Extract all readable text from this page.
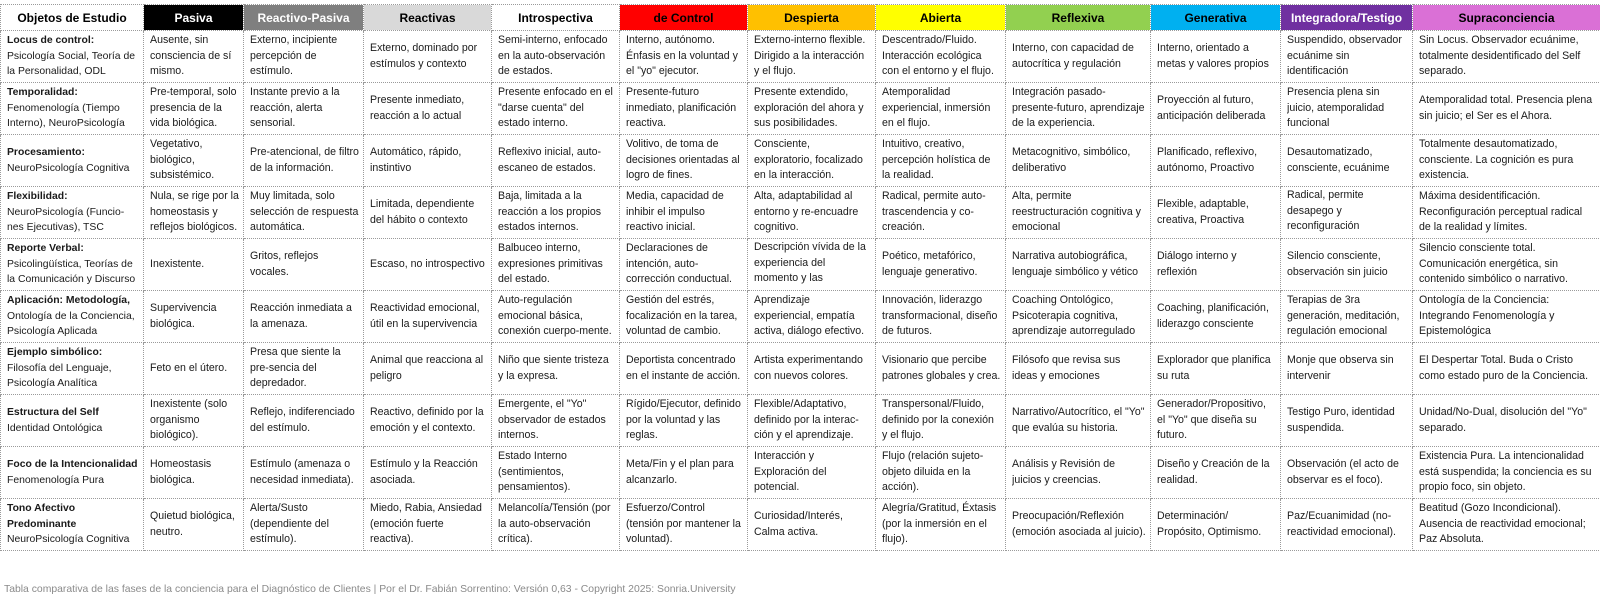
Objetos de Estudio	Pasiva	Reactivo-Pasiva	Reactivas	Introspectiva	de Control	Despierta	Abierta	Reflexiva	Generativa	Integradora/Testigo	Supraconciencia

Locus de control:
Psicología Social, Teoría de la Personalidad, ODL	Ausente, sin consciencia de sí mismo.	Externo, incipiente percepción de estímulo.	Externo, dominado por estímulos y contexto	Semi-interno, enfocado en la auto-observación de estados.	Interno, autónomo. Énfasis en la voluntad y el "yo" ejecutor.	Externo-interno flexible. Dirigido a la interacción y el flujo.	Descentrado/Fluido. Interacción ecológica con el entorno y el flujo.	Interno, con capacidad de autocrítica y regulación	Interno, orientado a metas y valores propios	Suspendido, observador ecuánime sin identificación	Sin Locus. Observador ecuánime, totalmente desidentificado del Self separado.

Temporalidad:
Fenomenología (Tiempo Interno), NeuroPsicología	Pre-temporal, solo presencia de la vida biológica.	Instante previo a la reacción, alerta sensorial.	Presente inmediato, reacción a lo actual	Presente enfocado en el "darse cuenta" del estado interno.	Presente-futuro inmediato, planificación reactiva.	Presente extendido, exploración del ahora y sus posibilidades.	Atemporalidad experiencial, inmersión en el flujo.	Integración pasado-presente-futuro, aprendizaje de la experiencia.	Proyección al futuro, anticipación deliberada	Presencia plena sin juicio, atemporalidad funcional	Atemporalidad total. Presencia plena sin juicio; el Ser es el Ahora.

Procesamiento:
NeuroPsicología Cognitiva	Vegetativo, biológico, subsistémico.	Pre-atencional, de filtro de la información.	Automático, rápido, instintivo	Reflexivo inicial, auto-escaneo de estados.	Volitivo, de toma de decisiones orientadas al logro de fines.	Consciente, exploratorio, focalizado en la interacción.	Intuitivo, creativo, percepción holística de la realidad.	Metacognitivo, simbólico, deliberativo	Planificado, reflexivo, autónomo, Proactivo	Desautomatizado, consciente, ecuánime	Totalmente desautomatizado, consciente. La cognición es pura existencia.

Flexibilidad:
NeuroPsicología (Funcio-nes Ejecutivas), TSC	Nula, se rige por la homeostasis y reflejos biológicos.	Muy limitada, solo selección de respuesta automática.	Limitada, dependiente del hábito o contexto	Baja, limitada a la reacción a los propios estados internos.	Media, capacidad de inhibir el impulso reactivo inicial.	Alta, adaptabilidad al entorno y re-encuadre cognitivo.	Radical, permite auto-trascendencia y co-creación.	Alta, permite reestructuración cognitiva y emocional	Flexible, adaptable, creativa, Proactiva	Radical, permite desapego y reconfiguración	Máxima desidentificación. Reconfiguración perceptual radical de la realidad y límites.

Reporte Verbal:
Psicolingüística, Teorías de la Comunicación y Discurso	Inexistente.	Gritos, reflejos vocales.	Escaso, no introspectivo	Balbuceo interno, expresiones primitivas del estado.	Declaraciones de intención, auto-corrección conductual.	Descripción vívida de la experiencia del momento y las	Poético, metafórico, lenguaje generativo.	Narrativa autobiográfica, lenguaje simbólico y vético	Diálogo interno y reflexión	Silencio consciente, observación sin juicio	Silencio consciente total. Comunicación energética, sin contenido simbólico o narrativo.

Aplicación: Metodología,
Ontología de la Conciencia, Psicología Aplicada	Supervivencia biológica.	Reacción inmediata a la amenaza.	Reactividad emocional, útil en la supervivencia	Auto-regulación emocional básica, conexión cuerpo-mente.	Gestión del estrés, focalización en la tarea, voluntad de cambio.	Aprendizaje experiencial, empatía activa, diálogo efectivo.	Innovación, liderazgo transformacional, diseño de futuros.	Coaching Ontológico, Psicoterapia cognitiva, aprendizaje autorregulado	Coaching, planificación, liderazgo consciente	Terapias de 3ra generación, meditación, regulación emocional	Ontología de la Conciencia: Integrando Fenomenología y Epistemológica

Ejemplo simbólico:
Filosofía del Lenguaje, Psicología Analítica	Feto en el útero.	Presa que siente la pre-sencia del depredador.	Animal que reacciona al peligro	Niño que siente tristeza y la expresa.	Deportista concentrado en el instante de acción.	Artista experimentando con nuevos colores.	Visionario que percibe patrones globales y crea.	Filósofo que revisa sus ideas y emociones	Explorador que planifica su ruta	Monje que observa sin intervenir	El Despertar Total. Buda o Cristo como estado puro de la Conciencia.

Estructura del Self
Identidad Ontológica	Inexistente (solo organismo biológico).	Reflejo, indiferenciado del estímulo.	Reactivo, definido por la emoción y el contexto.	Emergente, el "Yo" observador de estados internos.	Rígido/Ejecutor, definido por la voluntad y las reglas.	Flexible/Adaptativo, definido por la interac-ción y el aprendizaje.	Transpersonal/Fluido, definido por la conexión y el flujo.	Narrativo/Autocrítico, el "Yo" que evalúa su historia.	Generador/Propositivo, el "Yo" que diseña su futuro.	Testigo Puro, identidad suspendida.	Unidad/No-Dual, disolución del "Yo" separado.

Foco de la Intencionalidad
Fenomenología Pura	Homeostasis biológica.	Estímulo (amenaza o necesidad inmediata).	Estímulo y la Reacción asociada.	Estado Interno (sentimientos, pensamientos).	Meta/Fin y el plan para alcanzarlo.	Interacción y Exploración del potencial.	Flujo (relación sujeto-objeto diluida en la acción).	Análisis y Revisión de juicios y creencias.	Diseño y Creación de la realidad.	Observación (el acto de observar es el foco).	Existencia Pura. La intencionalidad está suspendida; la conciencia es su propio foco, sin objeto.

Tono Afectivo Predominante
NeuroPsicología Cognitiva	Quietud biológica, neutro.	Alerta/Susto (dependiente del estímulo).	Miedo, Rabia, Ansiedad (emoción fuerte reactiva).	Melancolía/Tensión (por la auto-observación crítica).	Esfuerzo/Control (tensión por mantener la voluntad).	Curiosidad/Interés, Calma activa.	Alegría/Gratitud, Éxtasis (por la inmersión en el flujo).	Preocupación/Reflexión (emoción asociada al juicio).	Determinación/ Propósito, Optimismo.	Paz/Ecuanimidad (no-reactividad emocional).	Beatitud (Gozo Incondicional). Ausencia de reactividad emocional; Paz Absoluta.
Tabla comparativa de las fases de la conciencia para el Diagnóstico de Clientes | Por el Dr. Fabián Sorrentino: Versión 0,63 - Copyright 2025: Sonria.University
